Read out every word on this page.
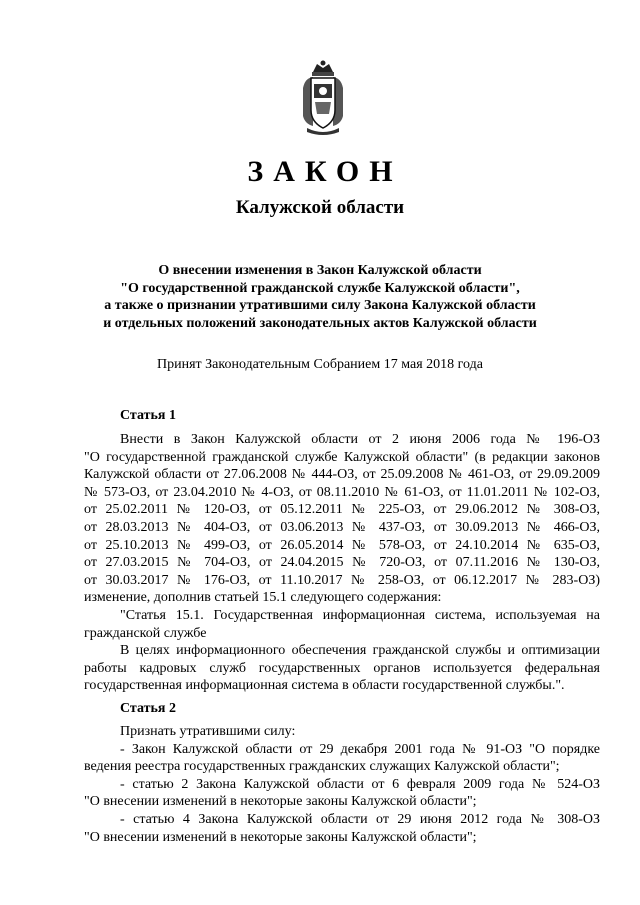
ЗАКОН
Калужской области
О внесении изменения в Закон Калужской области
"О государственной гражданской службе Калужской области",
а также о признании утратившими силу Закона Калужской области
и отдельных положений законодательных актов Калужской области
Принят Законодательным Собранием 17 мая 2018 года
Статья 1
Внести в Закон Калужской области от 2 июня 2006 года № 196-ОЗ
"О государственной гражданской службе Калужской области" (в редакции законов
Калужской области от 27.06.2008 № 444-ОЗ, от 25.09.2008 № 461-ОЗ, от 29.09.2009
№ 573-ОЗ, от 23.04.2010 № 4-ОЗ, от 08.11.2010 № 61-ОЗ, от 11.01.2011 № 102-ОЗ,
от 25.02.2011 № 120-ОЗ, от 05.12.2011 № 225-ОЗ, от 29.06.2012 № 308-ОЗ,
от 28.03.2013 № 404-ОЗ, от 03.06.2013 № 437-ОЗ, от 30.09.2013 № 466-ОЗ,
от 25.10.2013 № 499-ОЗ, от 26.05.2014 № 578-ОЗ, от 24.10.2014 № 635-ОЗ,
от 27.03.2015 № 704-ОЗ, от 24.04.2015 № 720-ОЗ, от 07.11.2016 № 130-ОЗ,
от 30.03.2017 № 176-ОЗ, от 11.10.2017 № 258-ОЗ, от 06.12.2017 № 283-ОЗ)
изменение, дополнив статьей 15.1 следующего содержания:
"Статья 15.1. Государственная информационная система, используемая на
гражданской службе
В целях информационного обеспечения гражданской службы и оптимизации
работы кадровых служб государственных органов используется федеральная
государственная информационная система в области государственной службы.".
Статья 2
Признать утратившими силу:
- Закон Калужской области от 29 декабря 2001 года № 91-ОЗ "О порядке
ведения реестра государственных гражданских служащих Калужской области";
- статью 2 Закона Калужской области от 6 февраля 2009 года № 524-ОЗ
"О внесении изменений в некоторые законы Калужской области";
- статью 4 Закона Калужской области от 29 июня 2012 года № 308-ОЗ
"О внесении изменений в некоторые законы Калужской области";
